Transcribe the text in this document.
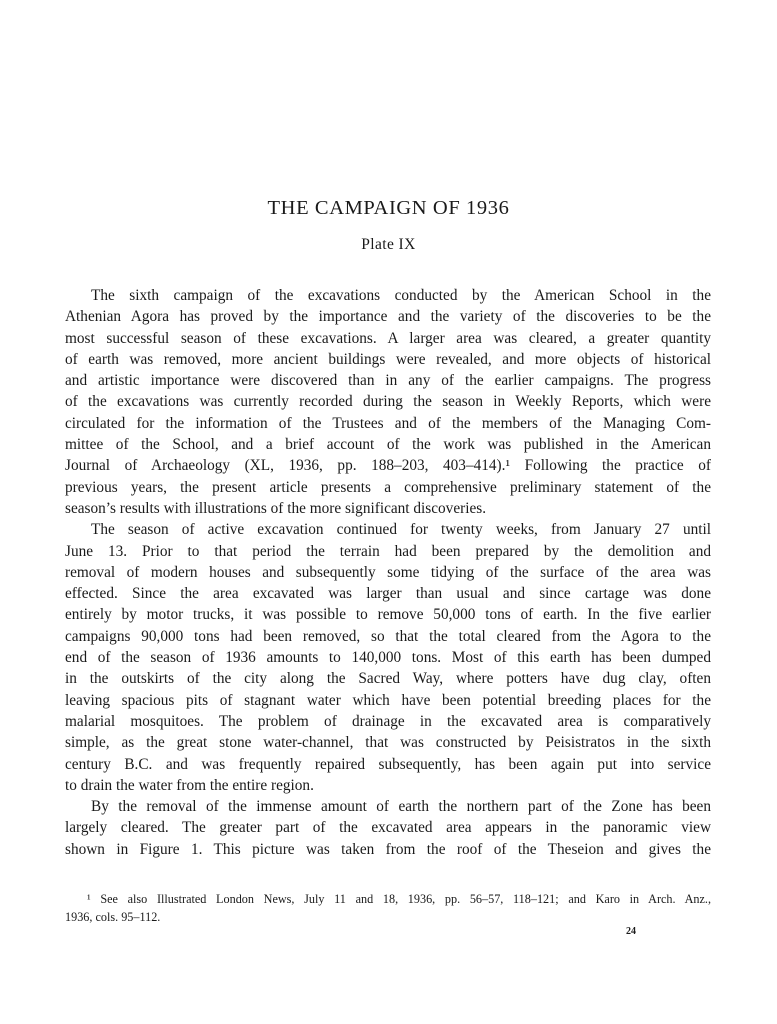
THE CAMPAIGN OF 1936
Plate IX
The sixth campaign of the excavations conducted by the American School in the
Athenian Agora has proved by the importance and the variety of the discoveries to be the
most successful season of these excavations. A larger area was cleared, a greater quantity
of earth was removed, more ancient buildings were revealed, and more objects of historical
and artistic importance were discovered than in any of the earlier campaigns. The progress
of the excavations was currently recorded during the season in Weekly Reports, which were
circulated for the information of the Trustees and of the members of the Managing Com-
mittee of the School, and a brief account of the work was published in the American
Journal of Archaeology (XL, 1936, pp. 188–203, 403–414).¹ Following the practice of
previous years, the present article presents a comprehensive preliminary statement of the
season’s results with illustrations of the more significant discoveries.
The season of active excavation continued for twenty weeks, from January 27 until
June 13. Prior to that period the terrain had been prepared by the demolition and
removal of modern houses and subsequently some tidying of the surface of the area was
effected. Since the area excavated was larger than usual and since cartage was done
entirely by motor trucks, it was possible to remove 50,000 tons of earth. In the five earlier
campaigns 90,000 tons had been removed, so that the total cleared from the Agora to the
end of the season of 1936 amounts to 140,000 tons. Most of this earth has been dumped
in the outskirts of the city along the Sacred Way, where potters have dug clay, often
leaving spacious pits of stagnant water which have been potential breeding places for the
malarial mosquitoes. The problem of drainage in the excavated area is comparatively
simple, as the great stone water-channel, that was constructed by Peisistratos in the sixth
century B.C. and was frequently repaired subsequently, has been again put into service
to drain the water from the entire region.
By the removal of the immense amount of earth the northern part of the Zone has been
largely cleared. The greater part of the excavated area appears in the panoramic view
shown in Figure 1. This picture was taken from the roof of the Theseion and gives the
¹ See also Illustrated London News, July 11 and 18, 1936, pp. 56–57, 118–121; and Karo in Arch. Anz.,
1936, cols. 95–112.
24
